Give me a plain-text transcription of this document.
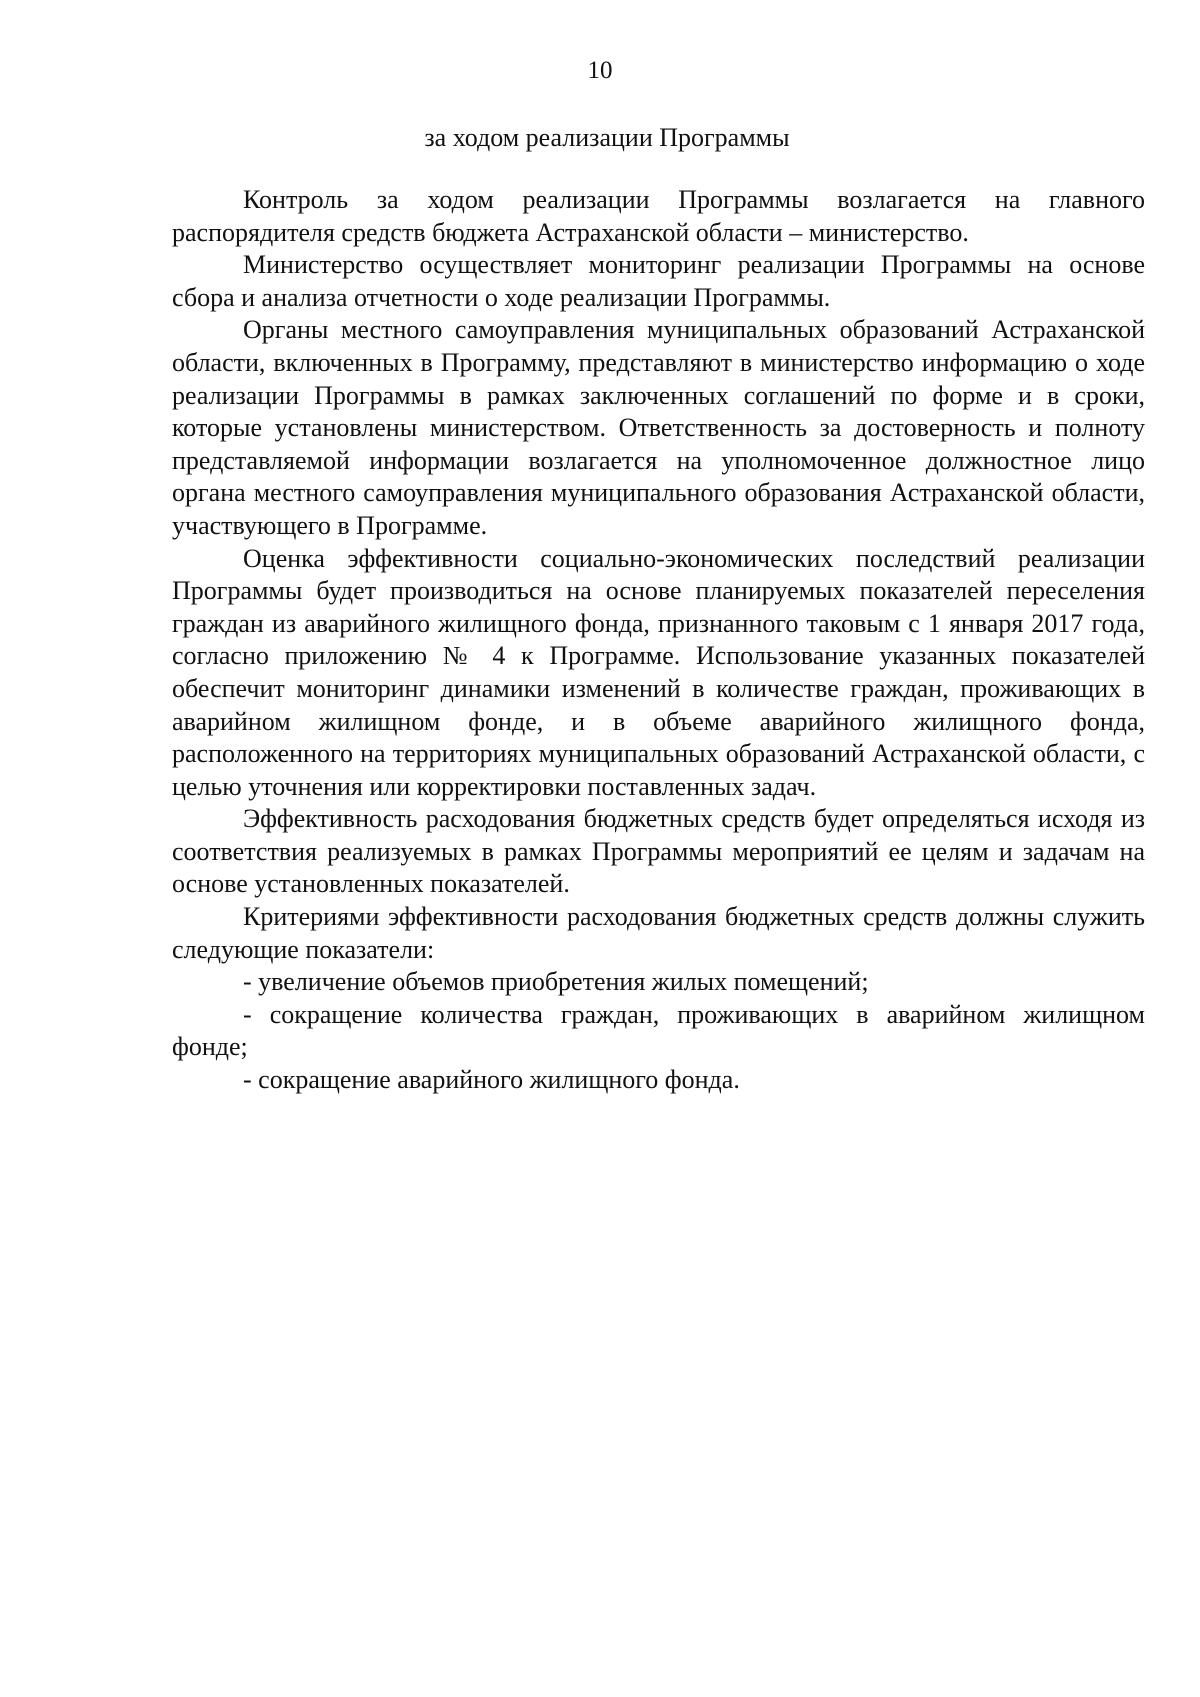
10
за ходом реализации Программы

Контроль за ходом реализации Программы возлагается на главного распорядителя средств бюджета Астраханской области – министерство.

Министерство осуществляет мониторинг реализации Программы на основе сбора и анализа отчетности о ходе реализации Программы.

Органы местного самоуправления муниципальных образований Астраханской области, включенных в Программу, представляют в министерство информацию о ходе реализации Программы в рамках заключенных соглашений по форме и в сроки, которые установлены министерством. Ответственность за достоверность и полноту представляемой информации возлагается на уполномоченное должностное лицо органа местного самоуправления муниципального образования Астраханской области, участвующего в Программе.

Оценка эффективности социально-экономических последствий реализации Программы будет производиться на основе планируемых показателей переселения граждан из аварийного жилищного фонда, признанного таковым с 1 января 2017 года, согласно приложению № 4 к Программе. Использование указанных показателей обеспечит мониторинг динамики изменений в количестве граждан, проживающих в аварийном жилищном фонде, и в объеме аварийного жилищного фонда, расположенного на территориях муниципальных образований Астраханской области, с целью уточнения или корректировки поставленных задач.

Эффективность расходования бюджетных средств будет определяться исходя из соответствия реализуемых в рамках Программы мероприятий ее целям и задачам на основе установленных показателей.

Критериями эффективности расходования бюджетных средств должны служить следующие показатели:

- увеличение объемов приобретения жилых помещений;

- сокращение количества граждан, проживающих в аварийном жилищном фонде;

- сокращение аварийного жилищного фонда.
